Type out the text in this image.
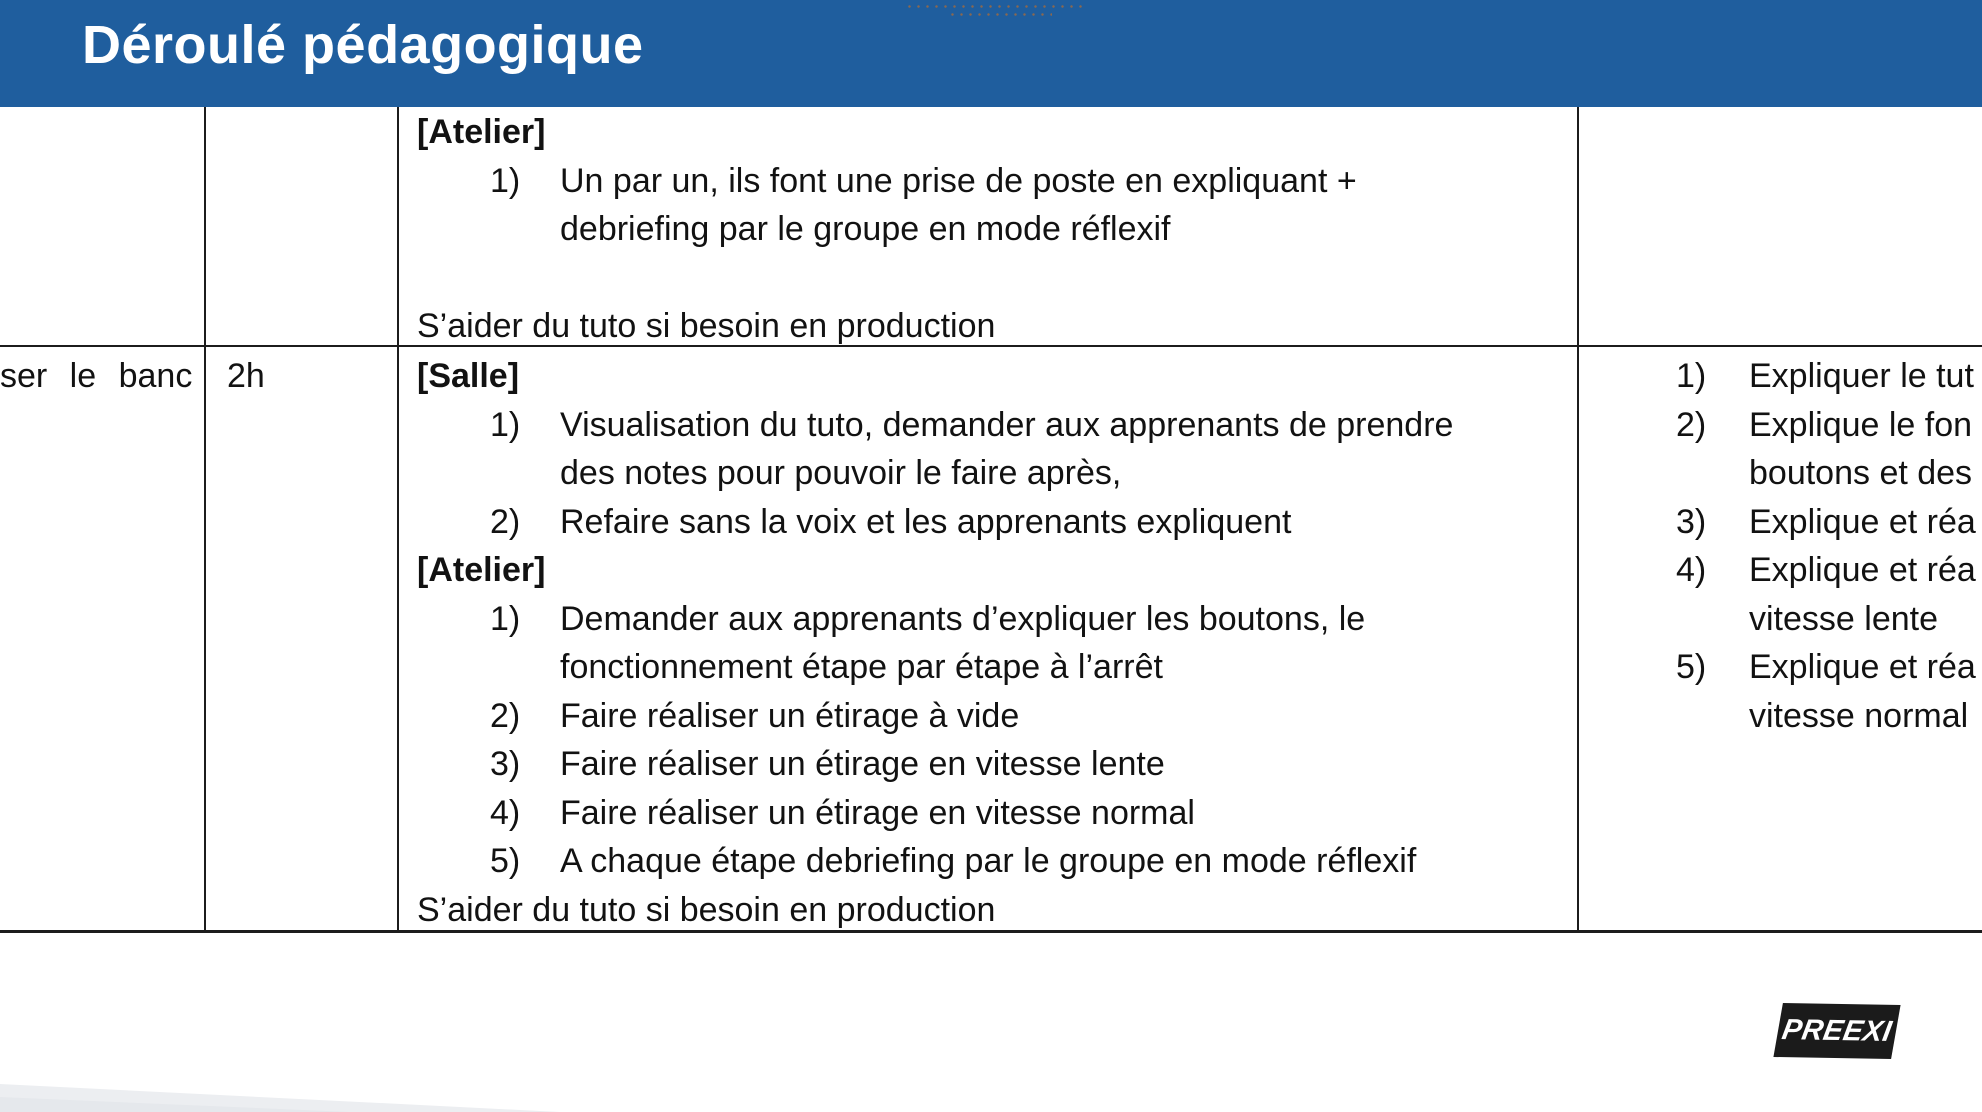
Déroulé pédagogique
[Atelier]
1) Un par un, ils font une prise de poste en expliquant +
debriefing par le groupe en mode réflexif

S’aider du tuto si besoin en production
ser le banc 2h	[Salle]
1) Visualisation du tuto, demander aux apprenants de prendre
des notes pour pouvoir le faire après,
2) Refaire sans la voix et les apprenants expliquent
[Atelier]
1) Demander aux apprenants d’expliquer les boutons, le
fonctionnement étape par étape à l’arrêt
2) Faire réaliser un étirage à vide
3) Faire réaliser un étirage en vitesse lente
4) Faire réaliser un étirage en vitesse normal
5) A chaque étape debriefing par le groupe en mode réflexif
S’aider du tuto si besoin en production
1) Expliquer le tut
2) Explique le fon
boutons et des
3) Explique et réa
4) Explique et réa
vitesse lente
5) Explique et réa
vitesse normal
PREEXI
